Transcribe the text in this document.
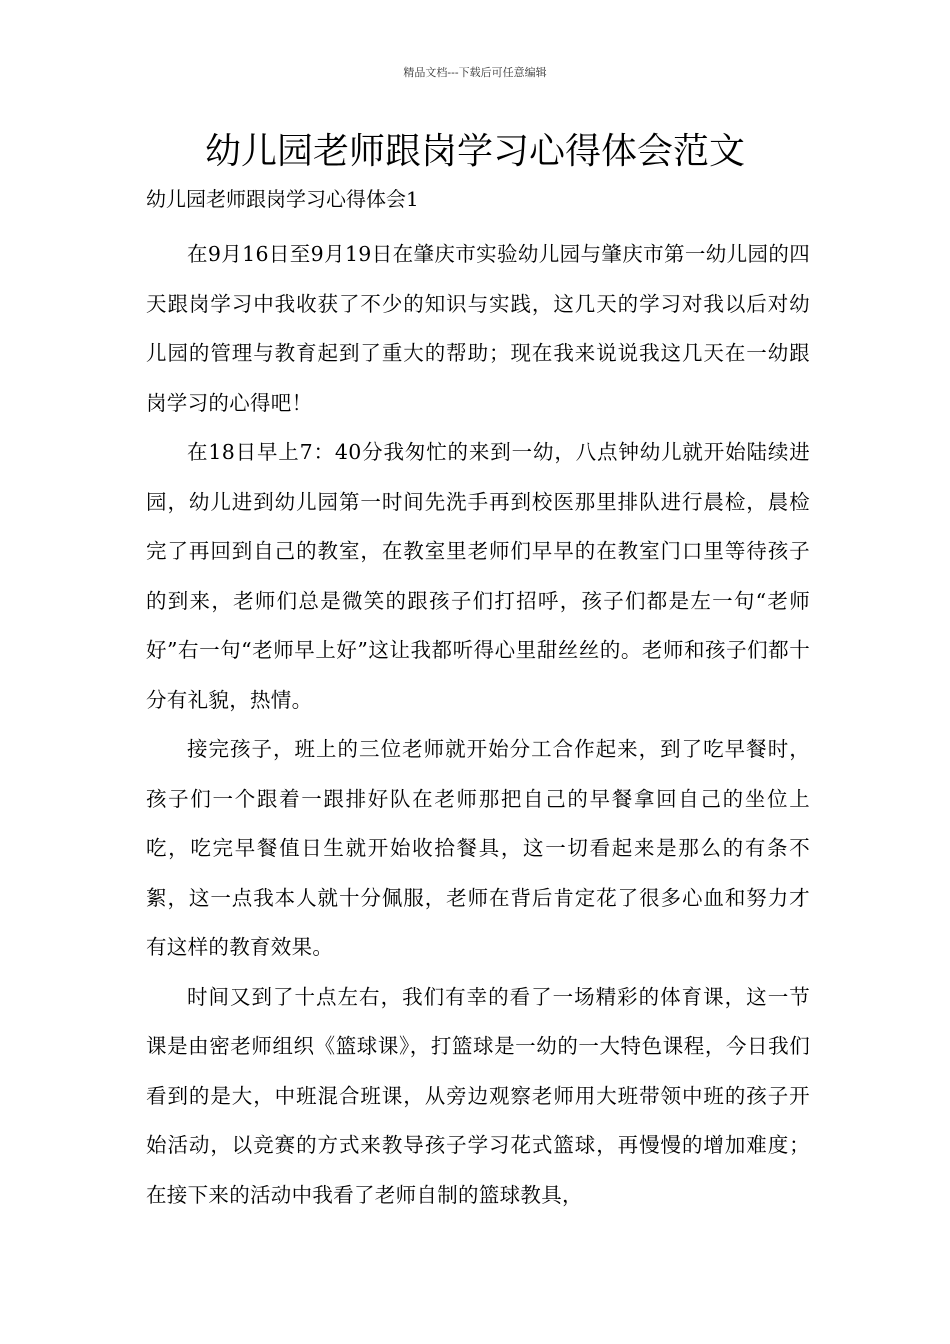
精品文档---下载后可任意编辑
幼儿园老师跟岗学习心得体会范文

幼儿园老师跟岗学习心得体会1

在9月16日至9月19日在肇庆市实验幼儿园与肇庆市第一幼儿园的四天跟岗学习中我收获了不少的知识与实践，这几天的学习对我以后对幼儿园的管理与教育起到了重大的帮助；现在我来说说我这几天在一幼跟岗学习的心得吧！

在18日早上7：40分我匆忙的来到一幼，八点钟幼儿就开始陆续进园，幼儿进到幼儿园第一时间先洗手再到校医那里排队进行晨检，晨检完了再回到自己的教室，在教室里老师们早早的在教室门口里等待孩子的到来，老师们总是微笑的跟孩子们打招呼，孩子们都是左一句“老师好”右一句“老师早上好”这让我都听得心里甜丝丝的。老师和孩子们都十分有礼貌，热情。

接完孩子，班上的三位老师就开始分工合作起来，到了吃早餐时，孩子们一个跟着一跟排好队在老师那把自己的早餐拿回自己的坐位上吃，吃完早餐值日生就开始收拾餐具，这一切看起来是那么的有条不絮，这一点我本人就十分佩服，老师在背后肯定花了很多心血和努力才有这样的教育效果。

时间又到了十点左右，我们有幸的看了一场精彩的体育课，这一节课是由密老师组织《篮球课》，打篮球是一幼的一大特色课程，今日我们看到的是大，中班混合班课，从旁边观察老师用大班带领中班的孩子开始活动，以竞赛的方式来教导孩子学习花式篮球，再慢慢的增加难度；在接下来的活动中我看了老师自制的篮球教具，
